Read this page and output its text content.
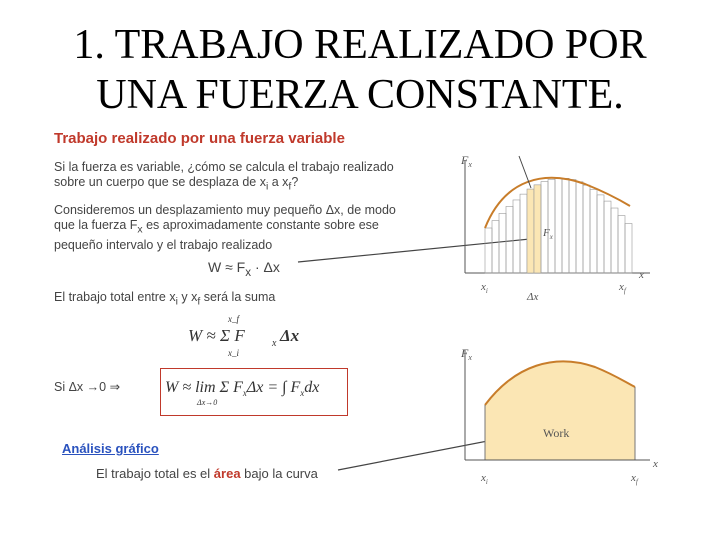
1. TRABAJO REALIZADO POR
UNA FUERZA CONSTANTE.
Trabajo realizado por una fuerza variable
Si la fuerza es variable, ¿cómo se calcula el trabajo realizado
sobre un cuerpo que se desplaza de $x_i$ a $x_f$?
Consideremos un desplazamiento muy pequeño Δx, de modo
que la fuerza $F_x$ es aproximadamente constante sobre ese
pequeño intervalo y el trabajo realizado
$W \approx F_x \cdot \Delta x$
El trabajo total entre $x_i$ y $x_f$ será la suma
x_f
W ≈ Σ F	x Δx
x_i
Si Δx →0 ⇒	W ≈ lim Σ $F_x\Delta x$ = ∫ $F_xdx$
Δx→0
Análisis gráfico
El trabajo total es el área bajo la curva
$F_x$
$F_x$
$x_i$	$x_f$
x
Δx
$F_x$
Work
$x_i$	$x_f$
x
